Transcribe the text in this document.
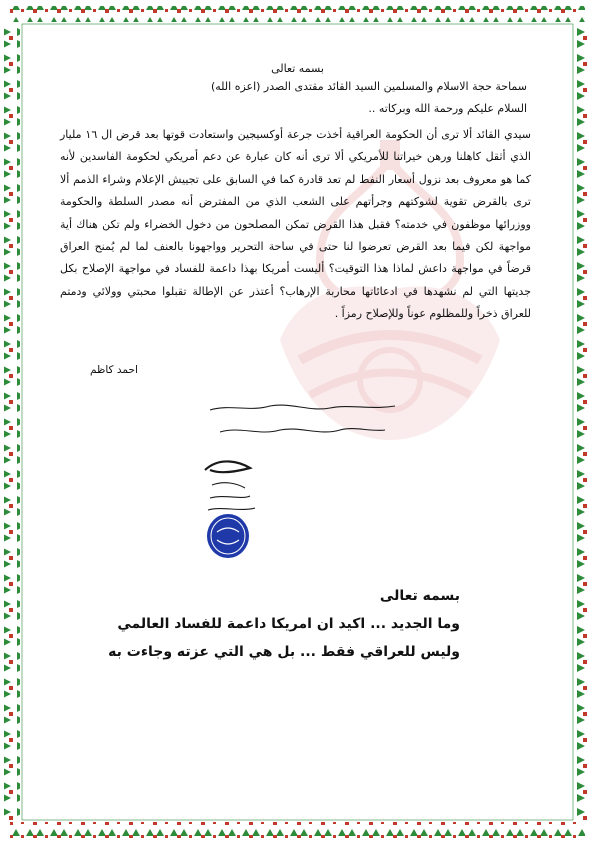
بسمه تعالى
سماحة حجة الاسلام والمسلمين السيد القائد مقتدى الصدر (اعزه الله)
السلام عليكم ورحمة الله وبركاته ..

سيدي القائد ألا ترى أن الحكومة العراقية أخذت جرعة أوكسيجين واستعادت قوتها بعد قرض ال ١٦ مليار الذي أثقل كاهلنا ورهن خيراتنا للأمريكي ألا ترى أنه كان عبارة عن دعم أمريكي لحكومة الفاسدين لأنه كما هو معروف بعد نزول أسعار النفط لم تعد قادرة كما في السابق على تجييش الإعلام وشراء الذمم ألا ترى بالقرض تقوية لشوكتهم وجرأتهم على الشعب الذي من المفترض أنه مصدر السلطة والحكومة ووزرائها موظفون في خدمته؟ فقبل هذا القرض تمكن المصلحون من دخول الخضراء ولم تكن هناك أية مواجهة لكن فيما بعد القرض تعرضوا لنا حتى في ساحة التحرير وواجهونا بالعنف لما لم يُمنح العراق قرضاً في مواجهة داعش لماذا هذا التوقيت؟ أليست أمريكا بهذا داعمة للفساد في مواجهة الإصلاح بكل جديتها التي لم نشهدها في ادعائاتها محاربة الإرهاب؟ أعتذر عن الإطالة تقبلوا محبتي وولائي ودمتم للعراق ذخراً وللمظلوم عوناً وللإصلاح رمزاً .

احمد كاظم
بسمه تعالى
وما الجديد ... اكيد ان امريكا داعمة للفساد العالمي
وليس للعراقي فقط ... بل هي التي عزته وجاءت به
